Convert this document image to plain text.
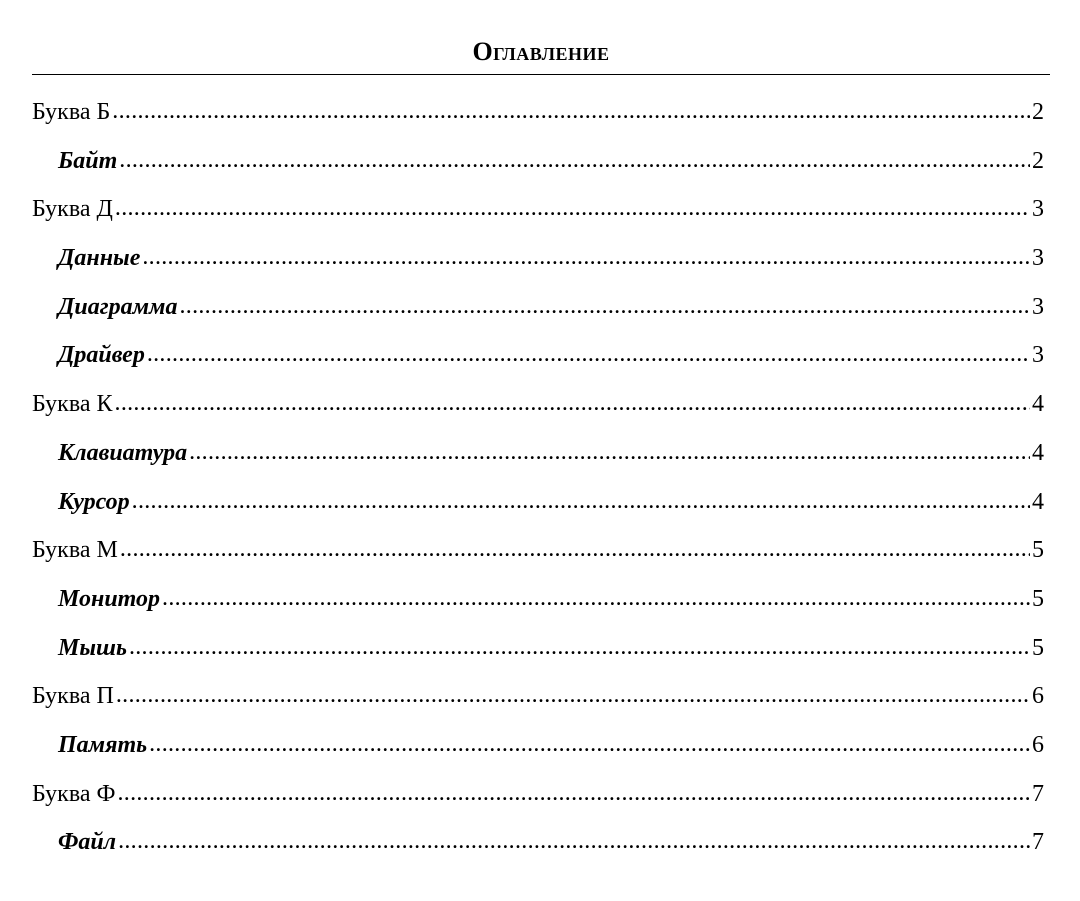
Оглавление
Буква Б .....	2
Байт .....	2
Буква Д .....	3
Данные .....	3
Диаграмма .....	3
Драйвер .....	3
Буква К .....	4
Клавиатура .....	4
Курсор .....	4
Буква М .....	5
Монитор .....	5
Мышь .....	5
Буква П .....	6
Память .....	6
Буква Ф .....	7
Файл .....	7
